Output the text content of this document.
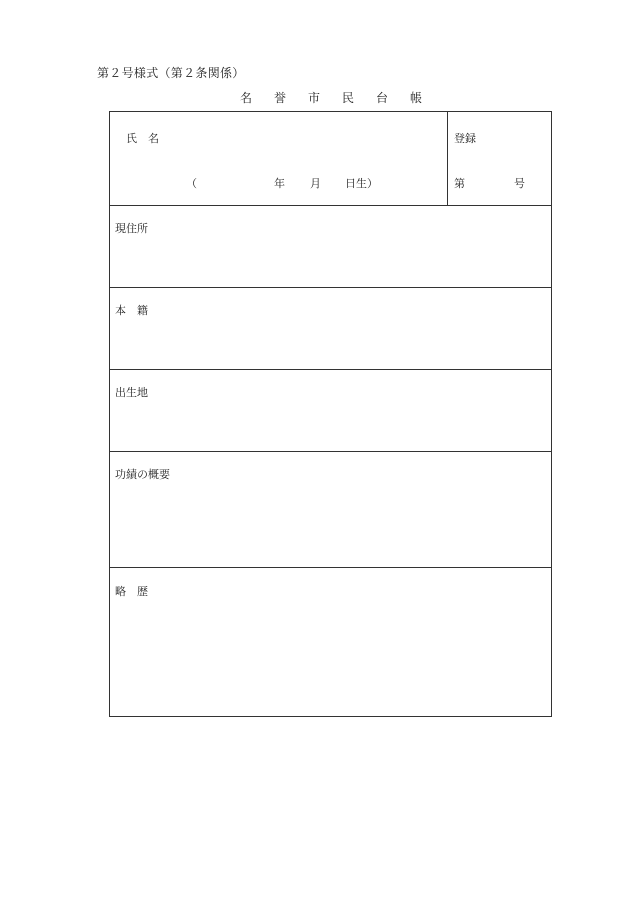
第２号様式（第２条関係）
名 誉 市 民 台 帳
氏　名
（	年 月 日生）
登録
第	号
現住所
本　籍
出生地
功績の概要
略　歴
